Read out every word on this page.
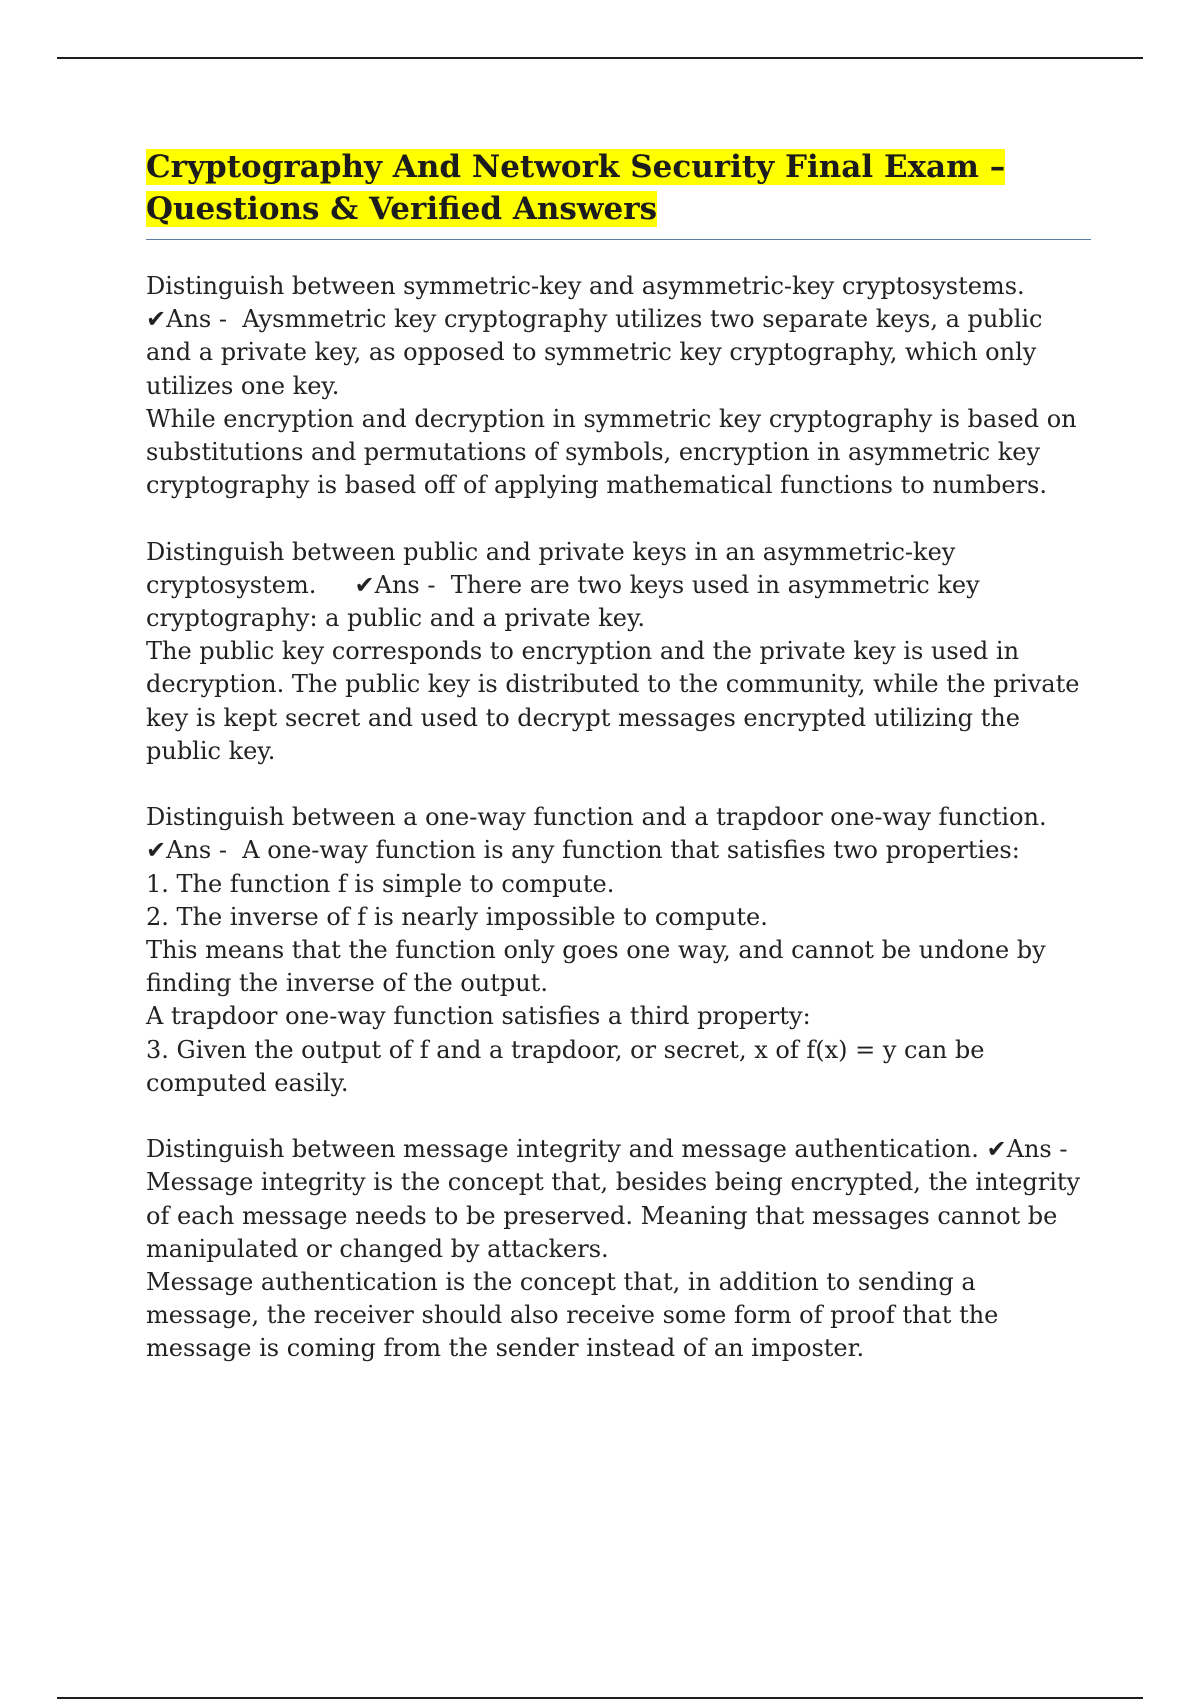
Cryptography And Network Security Final Exam –
Questions & Verified Answers

Distinguish between symmetric-key and asymmetric-key cryptosystems. ✔Ans -  Aysmmetric key cryptography utilizes two separate keys, a public and a private key, as opposed to symmetric key cryptography, which only utilizes one key.

While encryption and decryption in symmetric key cryptography is based on substitutions and permutations of symbols, encryption in asymmetric key cryptography is based off of applying mathematical functions to numbers.

Distinguish between public and private keys in an asymmetric-key cryptosystem. ✔Ans -  There are two keys used in asymmetric key cryptography: a public and a private key.

The public key corresponds to encryption and the private key is used in decryption. The public key is distributed to the community, while the private key is kept secret and used to decrypt messages encrypted utilizing the public key.

Distinguish between a one-way function and a trapdoor one-way function. ✔Ans -  A one-way function is any function that satisfies two properties:

1. The function f is simple to compute.

2. The inverse of f is nearly impossible to compute.

This means that the function only goes one way, and cannot be undone by finding the inverse of the output.

A trapdoor one-way function satisfies a third property:

3. Given the output of f and a trapdoor, or secret, x of f(x) = y can be computed easily.

Distinguish between message integrity and message authentication. ✔Ans -  Message integrity is the concept that, besides being encrypted, the integrity of each message needs to be preserved. Meaning that messages cannot be manipulated or changed by attackers.

Message authentication is the concept that, in addition to sending a message, the receiver should also receive some form of proof that the message is coming from the sender instead of an imposter.
